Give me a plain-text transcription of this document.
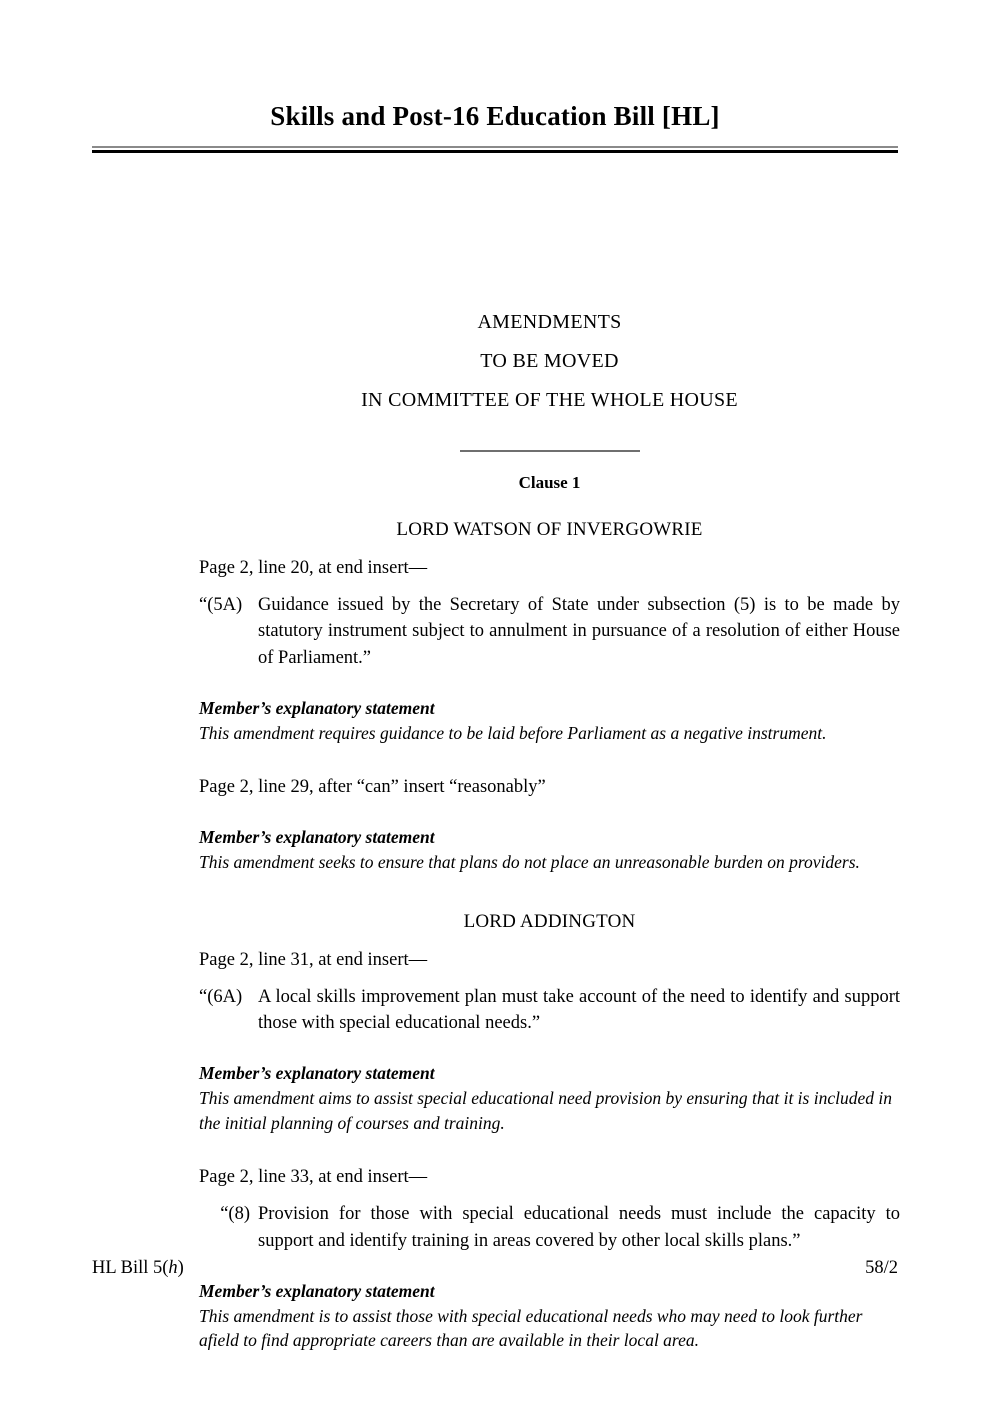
Skills and Post-16 Education Bill [HL]
AMENDMENTS
TO BE MOVED
IN COMMITTEE OF THE WHOLE HOUSE
Clause 1
LORD WATSON OF INVERGOWRIE
Page 2, line 20, at end insert—
“(5A) Guidance issued by the Secretary of State under subsection (5) is to be made by statutory instrument subject to annulment in pursuance of a resolution of either House of Parliament.”
Member’s explanatory statement
This amendment requires guidance to be laid before Parliament as a negative instrument.
Page 2, line 29, after “can” insert “reasonably”
Member’s explanatory statement
This amendment seeks to ensure that plans do not place an unreasonable burden on providers.
LORD ADDINGTON
Page 2, line 31, at end insert—
“(6A) A local skills improvement plan must take account of the need to identify and support those with special educational needs.”
Member’s explanatory statement
This amendment aims to assist special educational need provision by ensuring that it is included in the initial planning of courses and training.
Page 2, line 33, at end insert—
“(8) Provision for those with special educational needs must include the capacity to support and identify training in areas covered by other local skills plans.”
Member’s explanatory statement
This amendment is to assist those with special educational needs who may need to look further afield to find appropriate careers than are available in their local area.
HL Bill 5(h)	58/2
